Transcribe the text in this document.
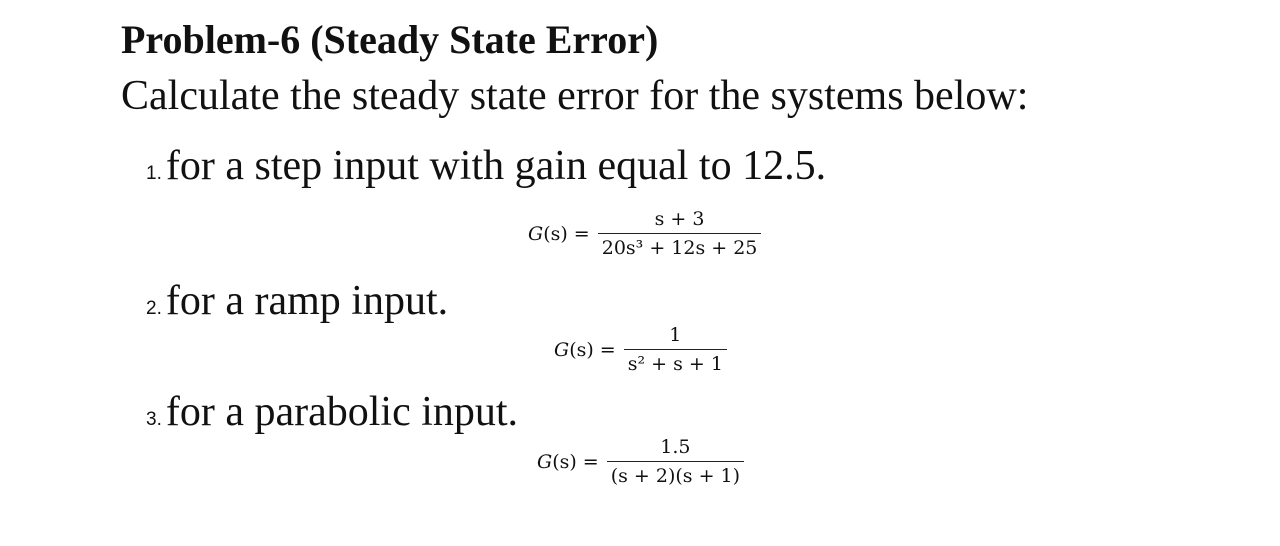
Problem-6 (Steady State Error)
Calculate the steady state error for the systems below:
1.for a step input with gain equal to 12.5.
$G(s) = \frac{s + 3}{\text{20s³ + 12s + 25}}$
2.for a ramp input.
$G(s) = \frac{1}{\text{s² + s + 1}}$
3.for a parabolic input.
$G(s) = \frac{1.5}{(s + 2)(s + 1)}$
